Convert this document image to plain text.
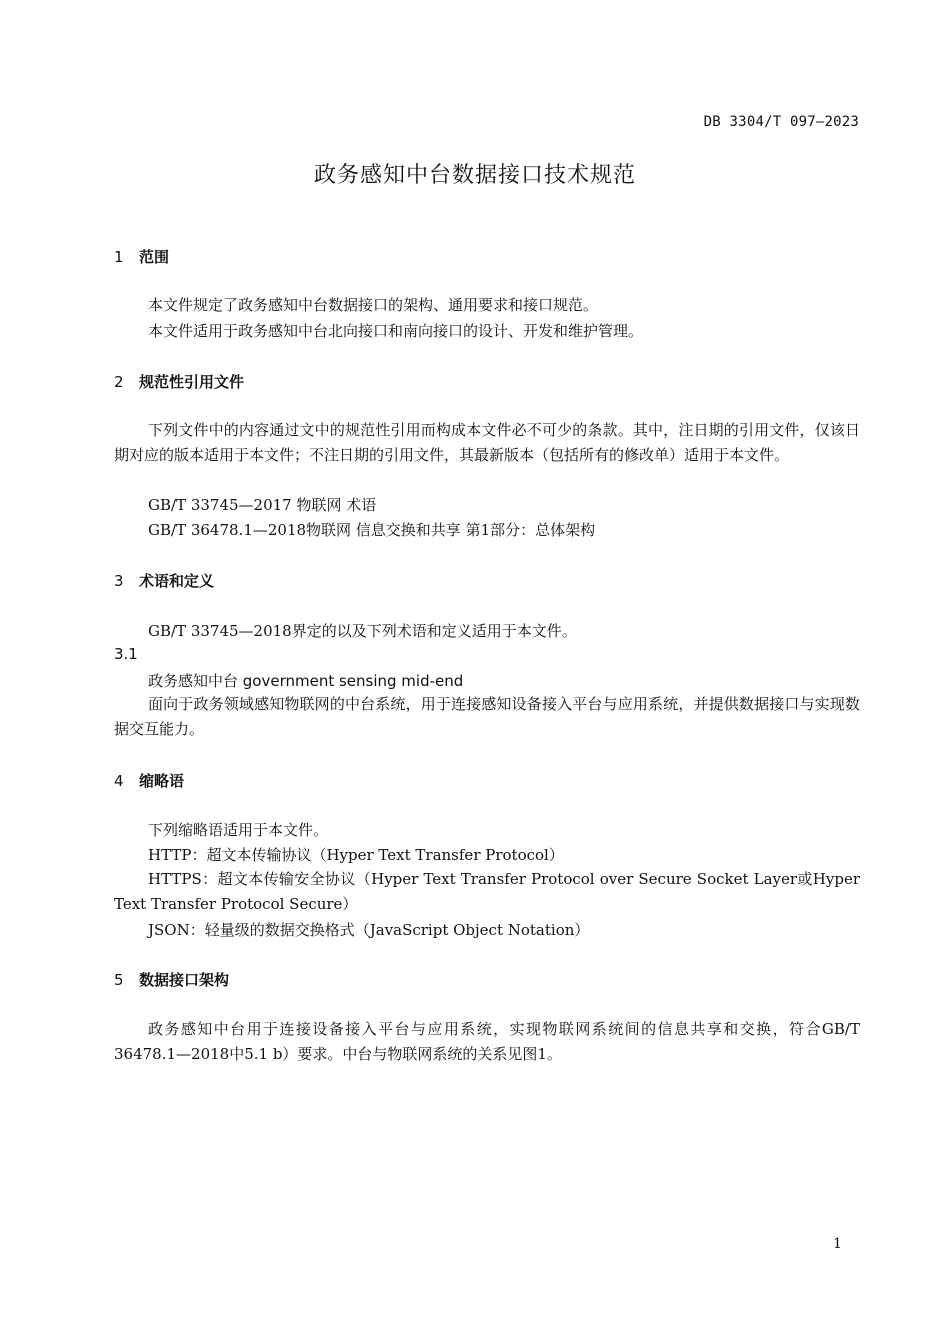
DB 3304/T 097—2023
政务感知中台数据接口技术规范
1 范围
本文件规定了政务感知中台数据接口的架构、通用要求和接口规范。
本文件适用于政务感知中台北向接口和南向接口的设计、开发和维护管理。
2 规范性引用文件
下列文件中的内容通过文中的规范性引用而构成本文件必不可少的条款。其中，注日期的引用文件，仅该日期对应的版本适用于本文件；不注日期的引用文件，其最新版本（包括所有的修改单）适用于本文件。
GB/T 33745—2017 物联网 术语
GB/T 36478.1—2018物联网 信息交换和共享 第1部分：总体架构
3 术语和定义
GB/T 33745—2018界定的以及下列术语和定义适用于本文件。
3.1
政务感知中台 government sensing mid-end
面向于政务领域感知物联网的中台系统，用于连接感知设备接入平台与应用系统，并提供数据接口与实现数据交互能力。
4 缩略语
下列缩略语适用于本文件。
HTTP：超文本传输协议（Hyper Text Transfer Protocol）
HTTPS：超文本传输安全协议（Hyper Text Transfer Protocol over Secure Socket Layer或Hyper Text Transfer Protocol Secure）
JSON：轻量级的数据交换格式（JavaScript Object Notation）
5 数据接口架构
政务感知中台用于连接设备接入平台与应用系统，实现物联网系统间的信息共享和交换，符合GB/T 36478.1—2018中5.1 b）要求。中台与物联网系统的关系见图1。
1
